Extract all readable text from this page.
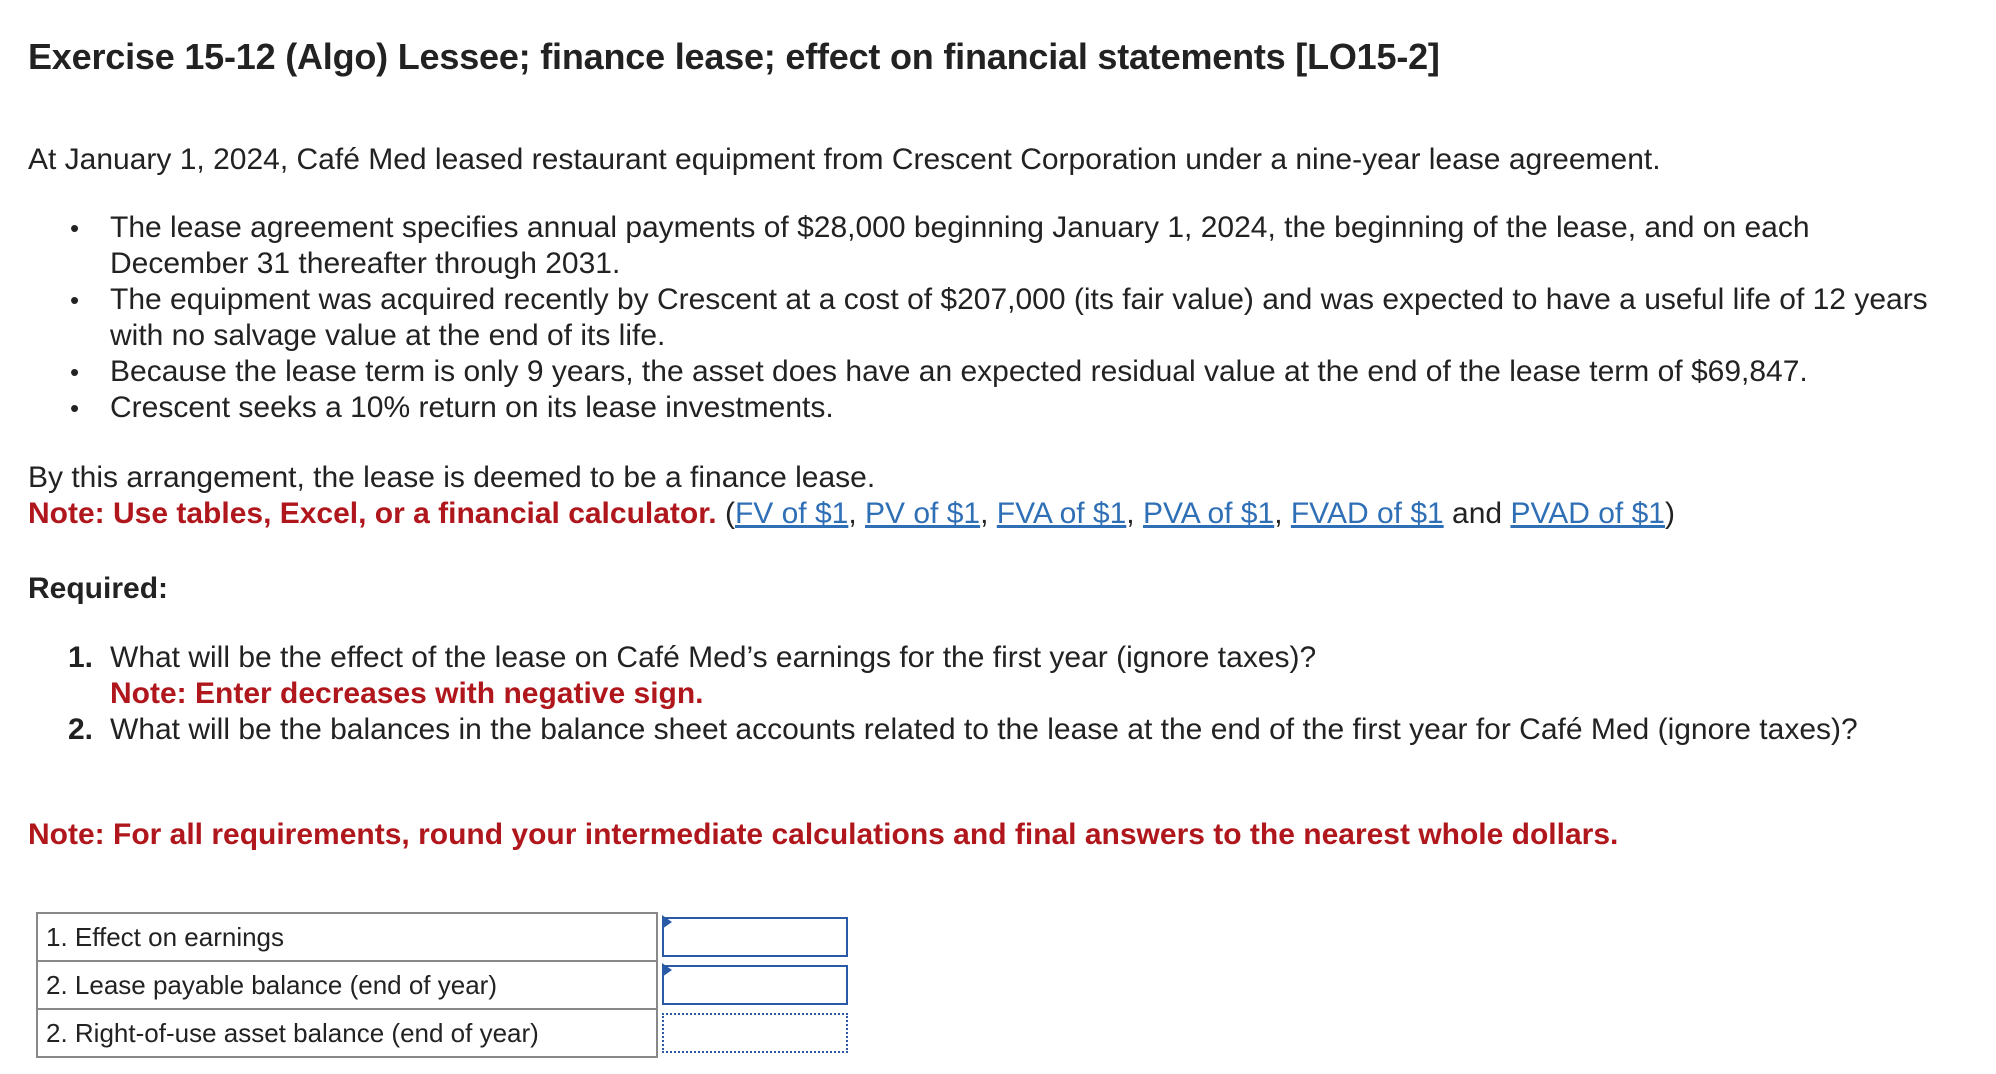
Exercise 15-12 (Algo) Lessee; finance lease; effect on financial statements [LO15-2]

At January 1, 2024, Café Med leased restaurant equipment from Crescent Corporation under a nine-year lease agreement.

• The lease agreement specifies annual payments of $28,000 beginning January 1, 2024, the beginning of the lease, and on each December 31 thereafter through 2031.
• The equipment was acquired recently by Crescent at a cost of $207,000 (its fair value) and was expected to have a useful life of 12 years with no salvage value at the end of its life.
• Because the lease term is only 9 years, the asset does have an expected residual value at the end of the lease term of $69,847.
• Crescent seeks a 10% return on its lease investments.

By this arrangement, the lease is deemed to be a finance lease.

Note: Use tables, Excel, or a financial calculator. (FV of $1, PV of $1, FVA of $1, PVA of $1, FVAD of $1 and PVAD of $1)

Required:
1. What will be the effect of the lease on Café Med’s earnings for the first year (ignore taxes)?
Note: Enter decreases with negative sign.
2. What will be the balances in the balance sheet accounts related to the lease at the end of the first year for Café Med (ignore taxes)?

Note: For all requirements, round your intermediate calculations and final answers to the nearest whole dollars.

1. Effect on earnings	

2. Lease payable balance (end of year)	

2. Right-of-use asset balance (end of year)	
